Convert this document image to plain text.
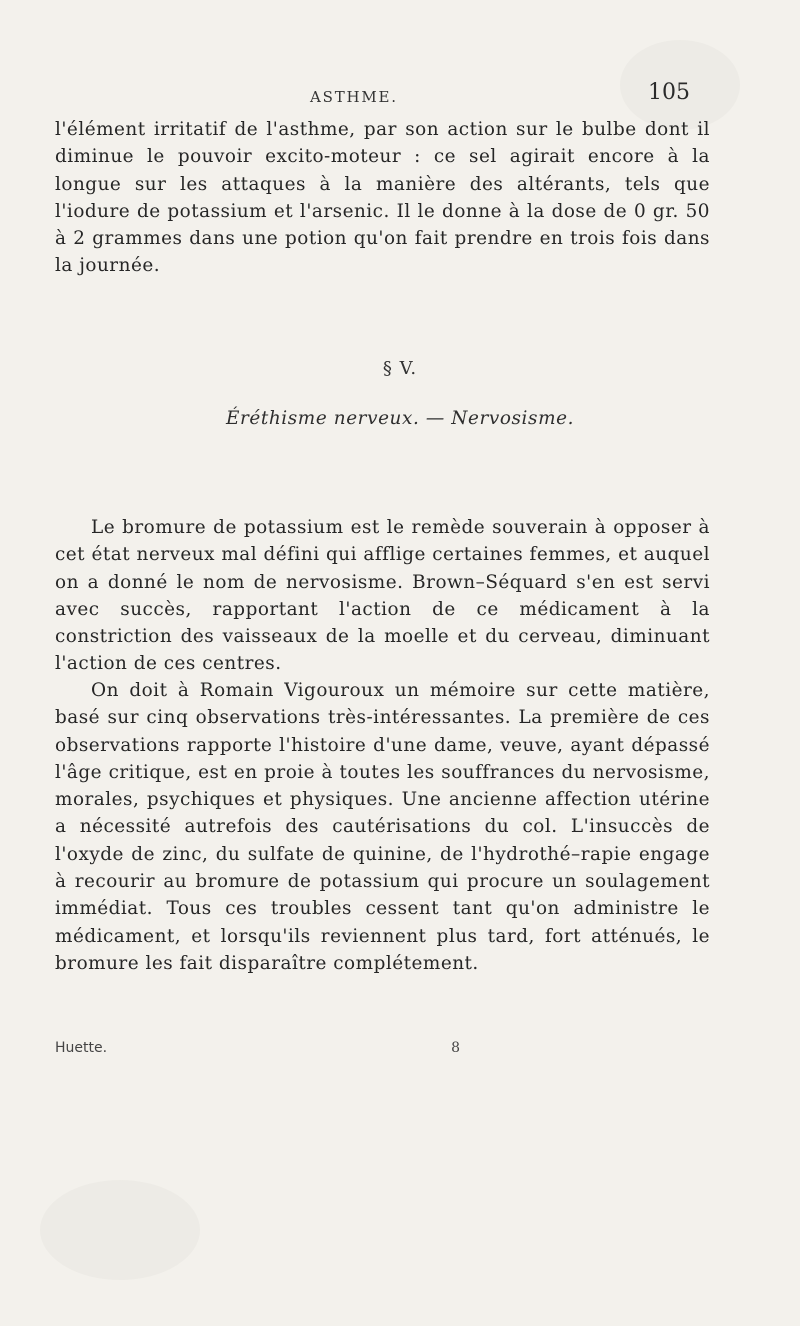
ASTHME.	105

l'élément irritatif de l'asthme, par son action sur le bulbe dont il diminue le pouvoir excito-moteur : ce sel agirait encore à la longue sur les attaques à la manière des altérants, tels que l'iodure de potassium et l'arsenic. Il le donne à la dose de 0 gr. 50 à 2 grammes dans une potion qu'on fait prendre en trois fois dans la journée.

§ V.
Éréthisme nerveux. — Nervosisme.

Le bromure de potassium est le remède souverain à opposer à cet état nerveux mal défini qui afflige certaines femmes, et auquel on a donné le nom de nervosisme. Brown–Séquard s'en est servi avec succès, rapportant l'action de ce médicament à la constriction des vaisseaux de la moelle et du cerveau, diminuant l'action de ces centres.

On doit à Romain Vigouroux un mémoire sur cette matière, basé sur cinq observations très-intéressantes. La première de ces observations rapporte l'histoire d'une dame, veuve, ayant dépassé l'âge critique, est en proie à toutes les souffrances du nervosisme, morales, psychiques et physiques. Une ancienne affection utérine a nécessité autrefois des cautérisations du col. L'insuccès de l'oxyde de zinc, du sulfate de quinine, de l'hydrothé–rapie engage à recourir au bromure de potassium qui procure un soulagement immédiat. Tous ces troubles cessent tant qu'on administre le médicament, et lorsqu'ils reviennent plus tard, fort atténués, le bromure les fait disparaître complétement.

Huette.	8
